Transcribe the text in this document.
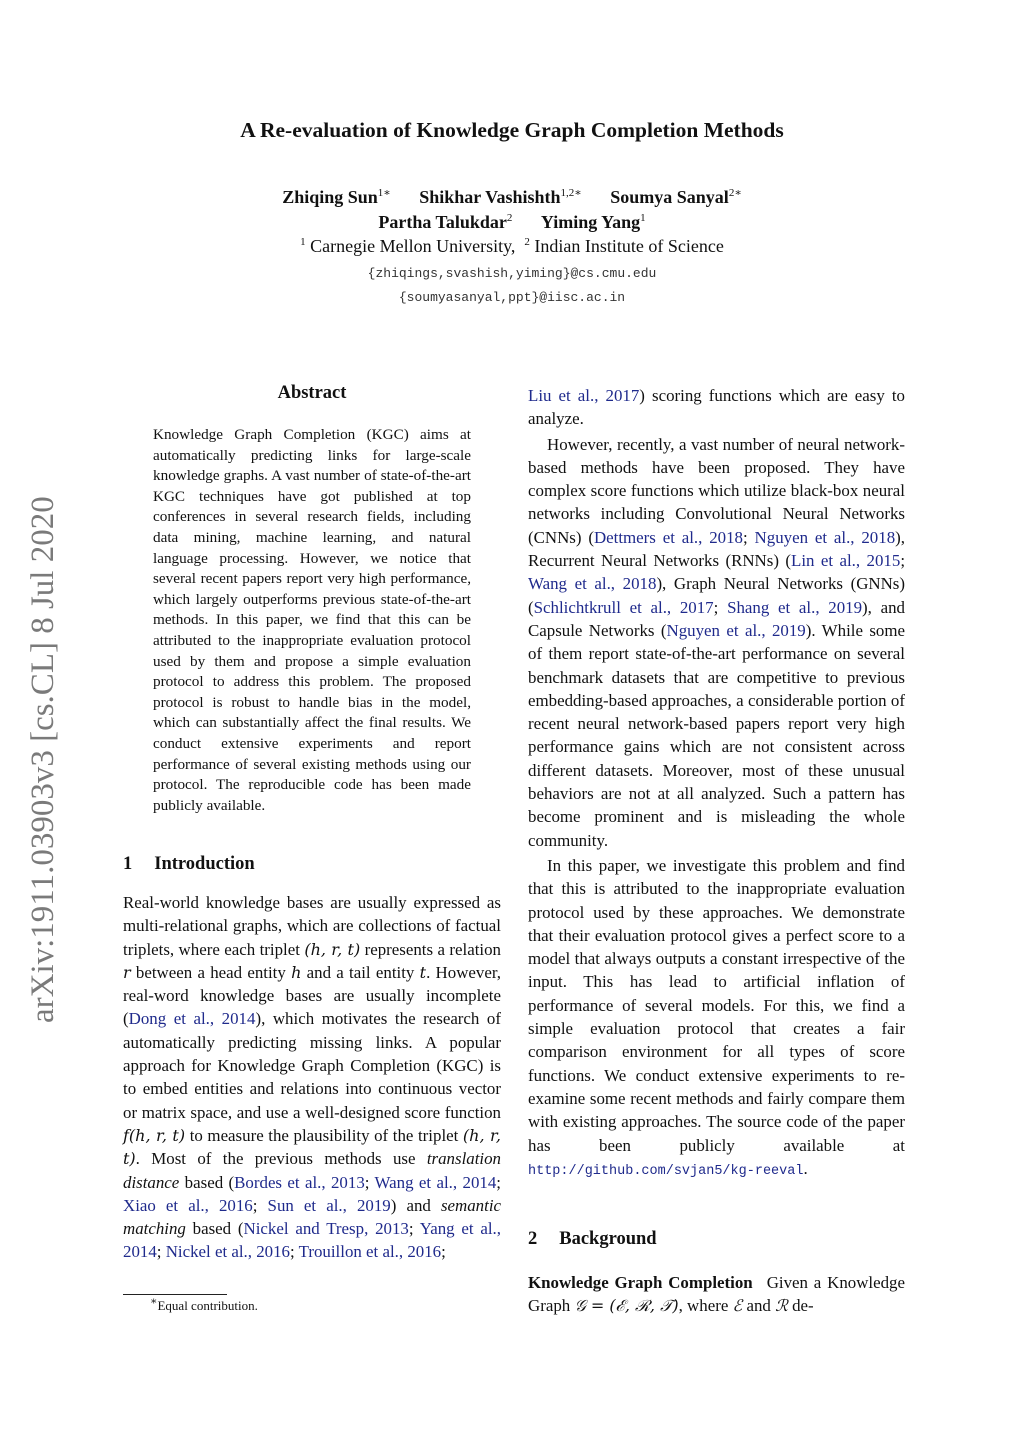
arXiv:1911.03903v3 [cs.CL] 8 Jul 2020
A Re-evaluation of Knowledge Graph Completion Methods
Zhiqing Sun$^{1∗}$ Shikhar Vashishth$^{1,2∗}$ Soumya Sanyal$^{2∗}$
Partha Talukdar$^2$ Yiming Yang$^1$
$^1$ Carnegie Mellon University, $^2$ Indian Institute of Science
{zhiqings,svashish,yiming}@cs.cmu.edu
{soumyasanyal,ppt}@iisc.ac.in
Abstract

Knowledge Graph Completion (KGC) aims at automatically predicting links for large-scale knowledge graphs. A vast number of state-of-the-art KGC techniques have got published at top conferences in several research fields, including data mining, machine learning, and natural language processing. However, we notice that several recent papers report very high performance, which largely outperforms previous state-of-the-art methods. In this paper, we find that this can be attributed to the inappropriate evaluation protocol used by them and propose a simple evaluation protocol to address this problem. The proposed protocol is robust to handle bias in the model, which can substantially affect the final results. We conduct extensive experiments and report performance of several existing methods using our protocol. The reproducible code has been made publicly available.

1 Introduction

Real-world knowledge bases are usually expressed as multi-relational graphs, which are collections of factual triplets, where each triplet (h, r, t) represents a relation r between a head entity h and a tail entity t. However, real-word knowledge bases are usually incomplete (Dong et al., 2014), which motivates the research of automatically predicting missing links. A popular approach for Knowledge Graph Completion (KGC) is to embed entities and relations into continuous vector or matrix space, and use a well-designed score function f(h, r, t) to measure the plausibility of the triplet (h, r, t). Most of the previous methods use translation distance based (Bordes et al., 2013; Wang et al., 2014; Xiao et al., 2016; Sun et al., 2019) and semantic matching based (Nickel and Tresp, 2013; Yang et al., 2014; Nickel et al., 2016; Trouillon et al., 2016;

∗Equal contribution.

Liu et al., 2017) scoring functions which are easy to analyze.

However, recently, a vast number of neural network-based methods have been proposed. They have complex score functions which utilize black-box neural networks including Convolutional Neural Networks (CNNs) (Dettmers et al., 2018; Nguyen et al., 2018), Recurrent Neural Networks (RNNs) (Lin et al., 2015; Wang et al., 2018), Graph Neural Networks (GNNs) (Schlichtkrull et al., 2017; Shang et al., 2019), and Capsule Networks (Nguyen et al., 2019). While some of them report state-of-the-art performance on several benchmark datasets that are competitive to previous embedding-based approaches, a considerable portion of recent neural network-based papers report very high performance gains which are not consistent across different datasets. Moreover, most of these unusual behaviors are not at all analyzed. Such a pattern has become prominent and is misleading the whole community.

In this paper, we investigate this problem and find that this is attributed to the inappropriate evaluation protocol used by these approaches. We demonstrate that their evaluation protocol gives a perfect score to a model that always outputs a constant irrespective of the input. This has lead to artificial inflation of performance of several models. For this, we find a simple evaluation protocol that creates a fair comparison environment for all types of score functions. We conduct extensive experiments to re-examine some recent methods and fairly compare them with existing approaches. The source code of the paper has been publicly available at http://github.com/svjan5/kg-reeval.

2 Background

Knowledge Graph Completion Given a Knowledge Graph 𝒢 = (ℰ, ℛ, 𝒯), where ℰ and ℛ de-
